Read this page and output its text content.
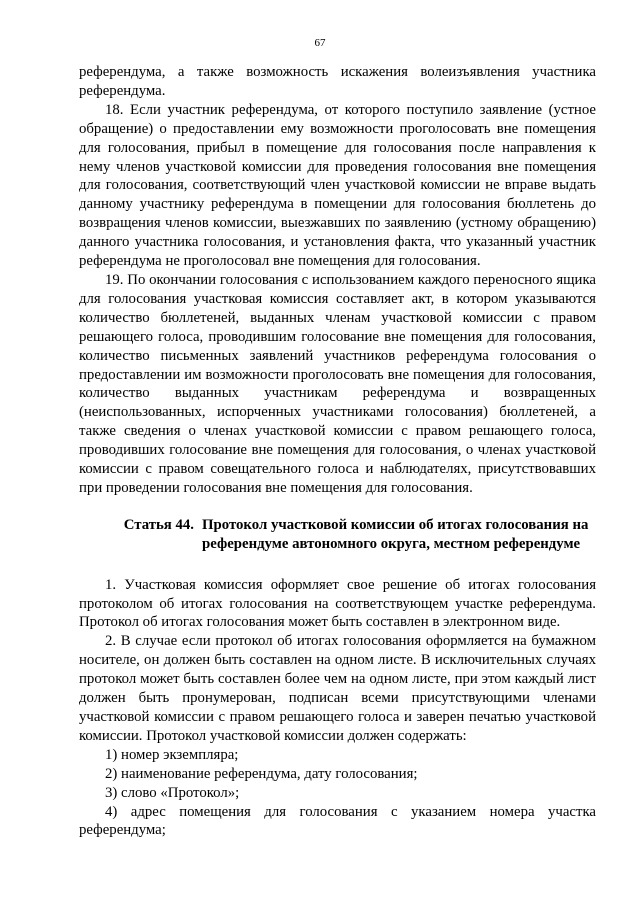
67

референдума, а также возможность искажения волеизъявления участника референдума.

18. Если участник референдума, от которого поступило заявление (устное обращение) о предоставлении ему возможности проголосовать вне помещения для голосования, прибыл в помещение для голосования после направления к нему членов участковой комиссии для проведения голосования вне помещения для голосования, соответствующий член участковой комиссии не вправе выдать данному участнику референдума в помещении для голосования бюллетень до возвращения членов комиссии, выезжавших по заявлению (устному обращению) данного участника голосования, и установления факта, что указанный участник референдума не проголосовал вне помещения для голосования.

19. По окончании голосования с использованием каждого переносного ящика для голосования участковая комиссия составляет акт, в котором указываются количество бюллетеней, выданных членам участковой комиссии с правом решающего голоса, проводившим голосование вне помещения для голосования, количество письменных заявлений участников референдума голосования о предоставлении им возможности проголосовать вне помещения для голосования, количество выданных участникам референдума и возвращенных (неиспользованных, испорченных участниками голосования) бюллетеней, а также сведения о членах участковой комиссии с правом решающего голоса, проводивших голосование вне помещения для голосования, о членах участковой комиссии с правом совещательного голоса и наблюдателях, присутствовавших при проведении голосования вне помещения для голосования.

Статья 44. Протокол участковой комиссии об итогах голосования на референдуме автономного округа, местном референдуме

1. Участковая комиссия оформляет свое решение об итогах голосования протоколом об итогах голосования на соответствующем участке референдума. Протокол об итогах голосования может быть составлен в электронном виде.

2. В случае если протокол об итогах голосования оформляется на бумажном носителе, он должен быть составлен на одном листе. В исключительных случаях протокол может быть составлен более чем на одном листе, при этом каждый лист должен быть пронумерован, подписан всеми присутствующими членами участковой комиссии с правом решающего голоса и заверен печатью участковой комиссии. Протокол участковой комиссии должен содержать:

1) номер экземпляра;

2) наименование референдума, дату голосования;

3) слово «Протокол»;

4) адрес помещения для голосования с указанием номера участка референдума;
